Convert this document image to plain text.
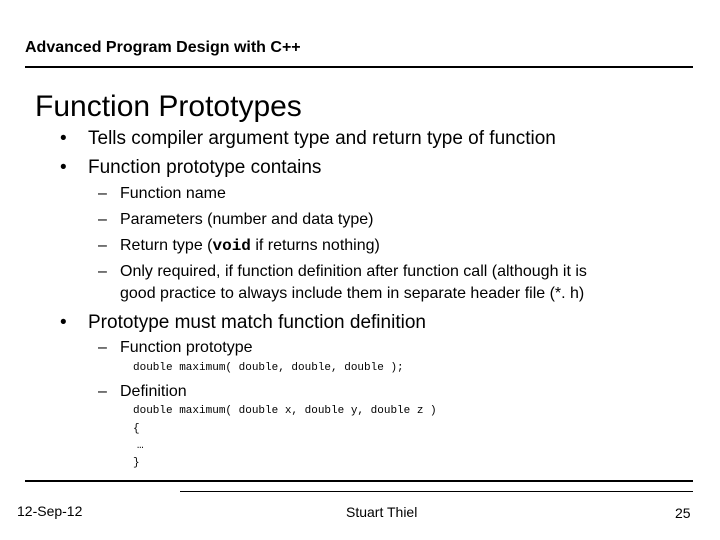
Advanced Program Design with C++
Function Prototypes
• Tells compiler argument type and return type of function
• Function prototype contains
– Function name
– Parameters (number and data type)
– Return type (void if returns nothing)
– Only required, if function definition after function call (although it is
good practice to always include them in separate header file (*. h)
• Prototype must match function definition
– Function prototype
double maximum( double, double, double );
– Definition
double maximum( double x, double y, double z )
{
…
}
12-Sep-12	Stuart Thiel	25
